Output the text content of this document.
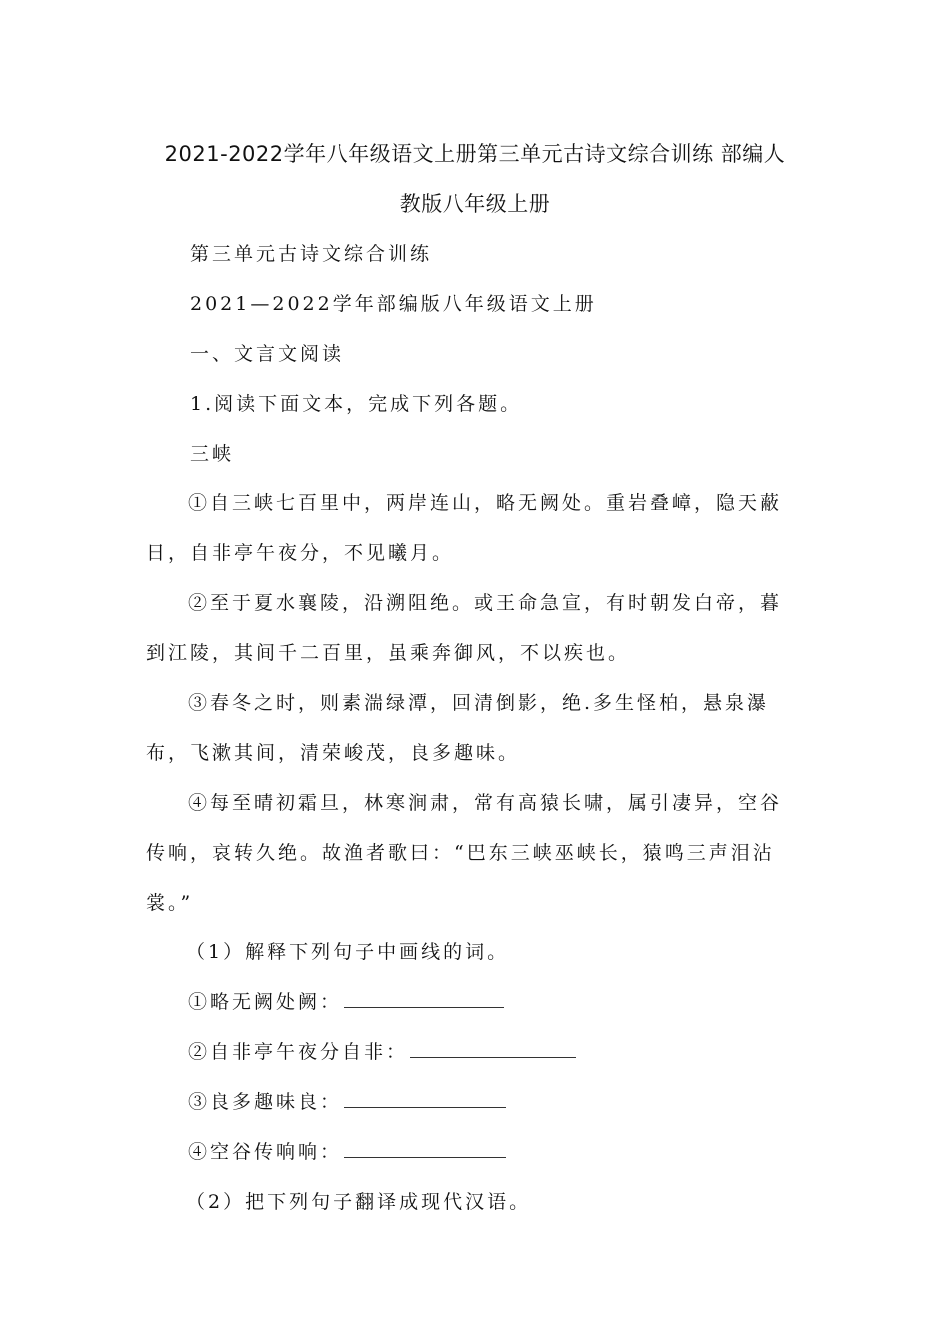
2021-2022学年八年级语文上册第三单元古诗文综合训练 部编人
教版八年级上册
第三单元古诗文综合训练
2021—2022学年部编版八年级语文上册
一、文言文阅读
1.阅读下面文本，完成下列各题。
三峡
①自三峡七百里中，两岸连山，略无阙处。重岩叠嶂，隐天蔽
日，自非亭午夜分，不见曦月。
②至于夏水襄陵，沿溯阻绝。或王命急宣，有时朝发白帝，暮
到江陵，其间千二百里，虽乘奔御风，不以疾也。
③春冬之时，则素湍绿潭，回清倒影，绝.多生怪柏，悬泉瀑
布，飞漱其间，清荣峻茂，良多趣味。
④每至晴初霜旦，林寒涧肃，常有高猿长啸，属引凄异，空谷
传响，哀转久绝。故渔者歌曰：“巴东三峡巫峡长，猿鸣三声泪沾
裳。”
（1）解释下列句子中画线的词。
①略无阙处阙：
②自非亭午夜分自非：
③良多趣味良：
④空谷传响响：
（2）把下列句子翻译成现代汉语。
